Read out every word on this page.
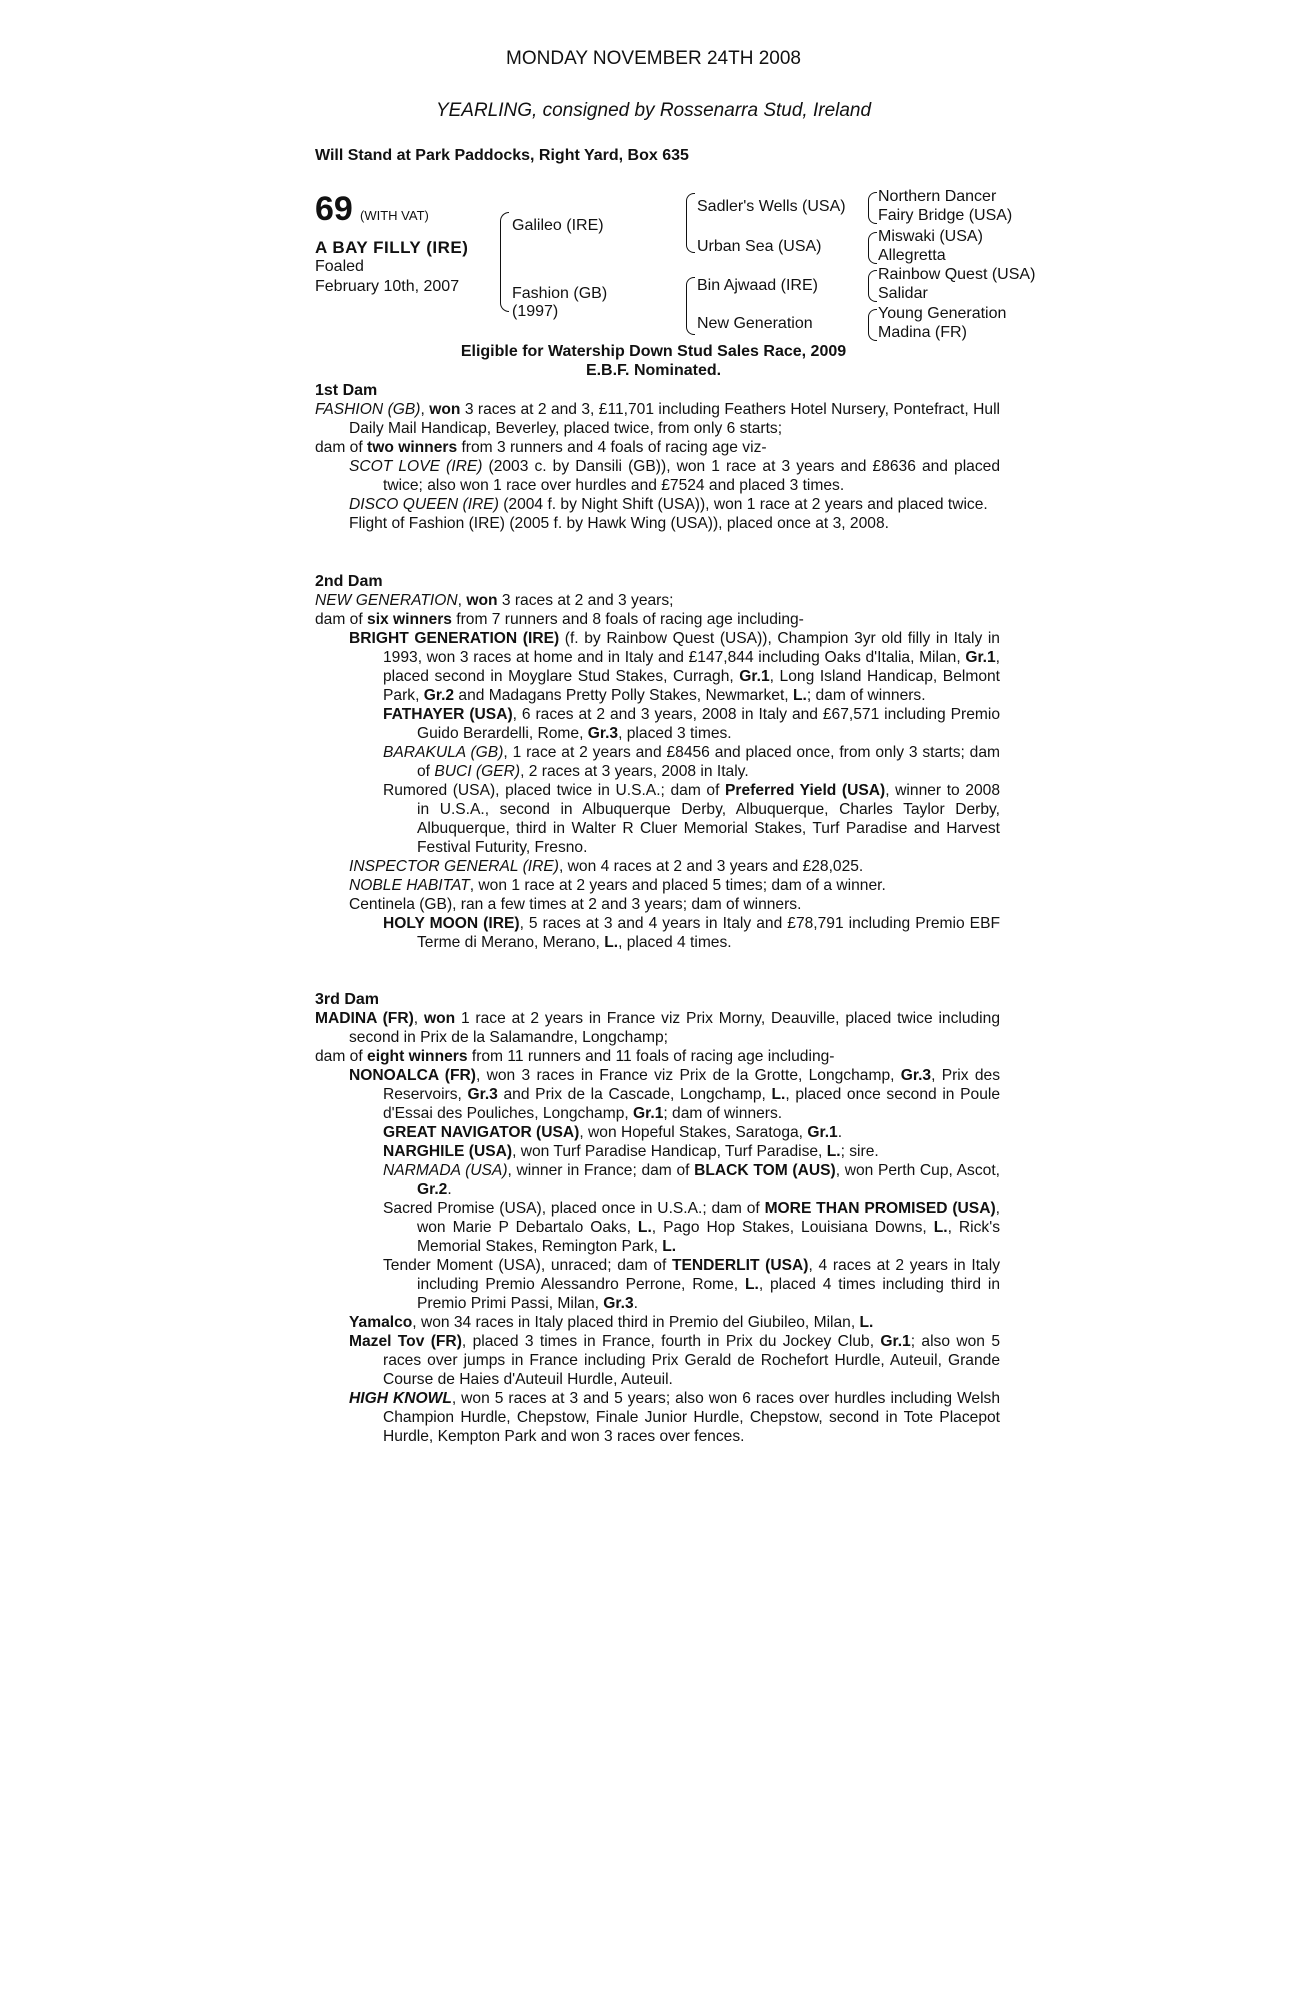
MONDAY NOVEMBER 24TH 2008
YEARLING, consigned by Rossenarra Stud, Ireland
Will Stand at Park Paddocks, Right Yard, Box 635
69 (WITH VAT)
A BAY FILLY (IRE)
Foaled
February 10th, 2007
Galileo (IRE)
Fashion (GB)
(1997)
Sadler's Wells (USA)
Urban Sea (USA)
Bin Ajwaad (IRE)
New Generation
Northern Dancer
Fairy Bridge (USA)
Miswaki (USA)
Allegretta
Rainbow Quest (USA)
Salidar
Young Generation
Madina (FR)
Eligible for Watership Down Stud Sales Race, 2009
E.B.F. Nominated.

1st Dam

FASHION (GB), won 3 races at 2 and 3, £11,701 including Feathers Hotel Nursery, Pontefract, Hull Daily Mail Handicap, Beverley, placed twice, from only 6 starts;

dam of two winners from 3 runners and 4 foals of racing age viz-

SCOT LOVE (IRE) (2003 c. by Dansili (GB)), won 1 race at 3 years and £8636 and placed twice; also won 1 race over hurdles and £7524 and placed 3 times.

DISCO QUEEN (IRE) (2004 f. by Night Shift (USA)), won 1 race at 2 years and placed twice.

Flight of Fashion (IRE) (2005 f. by Hawk Wing (USA)), placed once at 3, 2008.

2nd Dam

NEW GENERATION, won 3 races at 2 and 3 years;

dam of six winners from 7 runners and 8 foals of racing age including-

BRIGHT GENERATION (IRE) (f. by Rainbow Quest (USA)), Champion 3yr old filly in Italy in 1993, won 3 races at home and in Italy and £147,844 including Oaks d'Italia, Milan, Gr.1, placed second in Moyglare Stud Stakes, Curragh, Gr.1, Long Island Handicap, Belmont Park, Gr.2 and Madagans Pretty Polly Stakes, Newmarket, L.; dam of winners.

FATHAYER (USA), 6 races at 2 and 3 years, 2008 in Italy and £67,571 including Premio Guido Berardelli, Rome, Gr.3, placed 3 times.

BARAKULA (GB), 1 race at 2 years and £8456 and placed once, from only 3 starts; dam of BUCI (GER), 2 races at 3 years, 2008 in Italy.

Rumored (USA), placed twice in U.S.A.; dam of Preferred Yield (USA), winner to 2008 in U.S.A., second in Albuquerque Derby, Albuquerque, Charles Taylor Derby, Albuquerque, third in Walter R Cluer Memorial Stakes, Turf Paradise and Harvest Festival Futurity, Fresno.

INSPECTOR GENERAL (IRE), won 4 races at 2 and 3 years and £28,025.

NOBLE HABITAT, won 1 race at 2 years and placed 5 times; dam of a winner.

Centinela (GB), ran a few times at 2 and 3 years; dam of winners.

HOLY MOON (IRE), 5 races at 3 and 4 years in Italy and £78,791 including Premio EBF Terme di Merano, Merano, L., placed 4 times.

3rd Dam

MADINA (FR), won 1 race at 2 years in France viz Prix Morny, Deauville, placed twice including second in Prix de la Salamandre, Longchamp;

dam of eight winners from 11 runners and 11 foals of racing age including-

NONOALCA (FR), won 3 races in France viz Prix de la Grotte, Longchamp, Gr.3, Prix des Reservoirs, Gr.3 and Prix de la Cascade, Longchamp, L., placed once second in Poule d'Essai des Pouliches, Longchamp, Gr.1; dam of winners.

GREAT NAVIGATOR (USA), won Hopeful Stakes, Saratoga, Gr.1.

NARGHILE (USA), won Turf Paradise Handicap, Turf Paradise, L.; sire.

NARMADA (USA), winner in France; dam of BLACK TOM (AUS), won Perth Cup, Ascot, Gr.2.

Sacred Promise (USA), placed once in U.S.A.; dam of MORE THAN PROMISED (USA), won Marie P Debartalo Oaks, L., Pago Hop Stakes, Louisiana Downs, L., Rick's Memorial Stakes, Remington Park, L.

Tender Moment (USA), unraced; dam of TENDERLIT (USA), 4 races at 2 years in Italy including Premio Alessandro Perrone, Rome, L., placed 4 times including third in Premio Primi Passi, Milan, Gr.3.

Yamalco, won 34 races in Italy placed third in Premio del Giubileo, Milan, L.

Mazel Tov (FR), placed 3 times in France, fourth in Prix du Jockey Club, Gr.1; also won 5 races over jumps in France including Prix Gerald de Rochefort Hurdle, Auteuil, Grande Course de Haies d'Auteuil Hurdle, Auteuil.

HIGH KNOWL, won 5 races at 3 and 5 years; also won 6 races over hurdles including Welsh Champion Hurdle, Chepstow, Finale Junior Hurdle, Chepstow, second in Tote Placepot Hurdle, Kempton Park and won 3 races over fences.
